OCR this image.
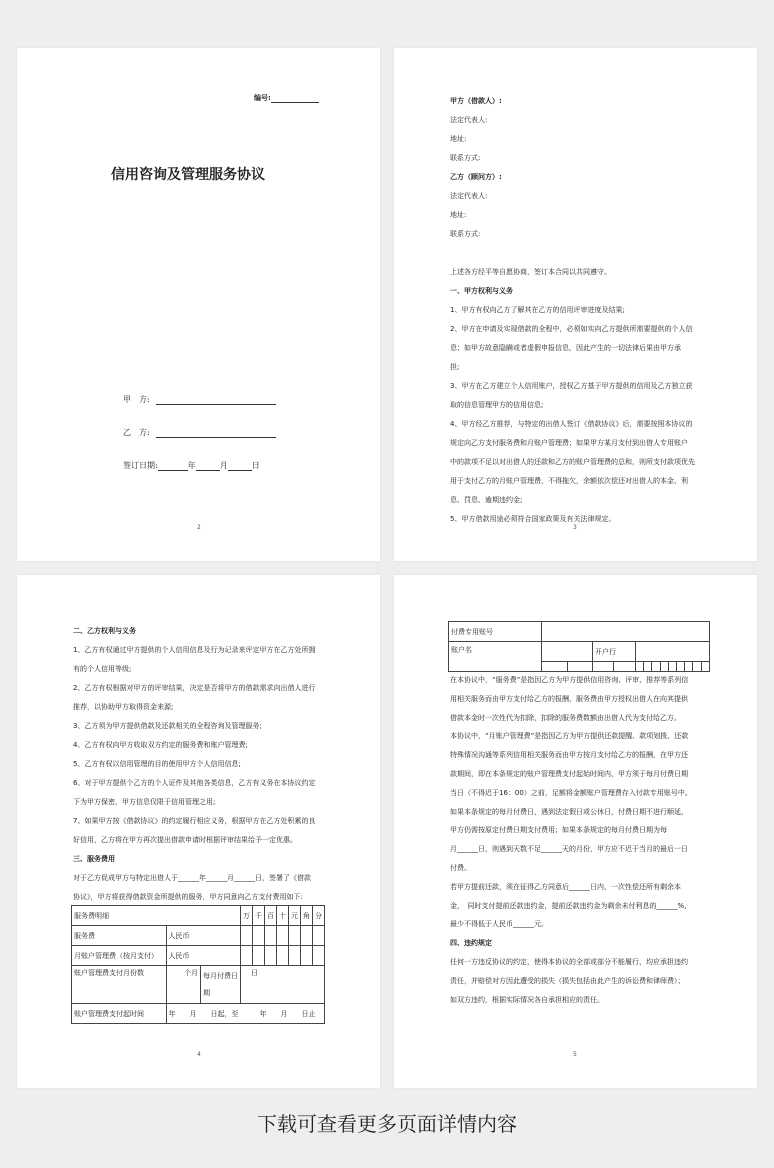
编号:
信用咨询及管理服务协议
甲　方:
乙　方:
签订日期:	年	月	日
2
甲方（借款人）:
法定代表人:
地址:
联系方式:
乙方（顾问方）:
法定代表人:
地址:
联系方式:

上述各方经平等自愿协商，签订本合同以共同遵守。
一、甲方权利与义务
1、甲方有权向乙方了解其在乙方的信用评审进度及结果;
2、甲方在申请及实现借款的全程中，必须如实向乙方提供所需要提供的个人信
息；如甲方故意隐瞒或者虚假申报信息，因此产生的一切法律后果由甲方承
担;
3、甲方在乙方建立个人信用账户，授权乙方基于甲方提供的信用及乙方独立获
取的信息管理甲方的信用信息;
4、甲方经乙方推荐，与特定的出借人签订《借款协议》后，需要按照本协议的
规定向乙方支付服务费和月账户管理费；如果甲方某月支付到出借人专用账户
中的款项不足以对出借人的还款和乙方的账户管理费的总和，则所支付款项优先
用于支付乙方的月账户管理费，不得拖欠，余额依次偿还对出借人的本金、利
息、罚息、逾期违约金;
5、甲方借款用途必须符合国家政策及有关法律规定。
3
二、乙方权利与义务
1、乙方有权通过甲方提供的个人信用信息及行为记录来评定甲方在乙方处所拥
有的个人信用等级;
2、乙方有权根据对甲方的评审结果，决定是否将甲方的借款需求向出借人进行
推荐，以协助甲方取得资金来源;
3、乙方须为甲方提供借款及还款相关的全程咨询及管理服务;
4、乙方有权向甲方收取双方约定的服务费和账户管理费;
5、乙方有权以信用管理的目的使用甲方个人信用信息;
6、对于甲方提供个乙方的个人证件及其他各类信息，乙方有义务在本协议约定
下为甲方保密，甲方信息仅限于信用管理之用;
7、如果甲方按《借款协议》的约定履行相应义务，根据甲方在乙方处积累的良
好信用，乙方将在甲方再次提出借款申请时根据评审结果给予一定优惠。
三、服务费用
对于乙方促成甲方与特定出借人于______年______月______日，签署了《借款
协议》，甲方将获得借款资金所提供的服务，甲方同意向乙方支付费用如下:
服务费明细			万	千	百	十	元	角	分
服务费	人民币								
月账户管理费（按月支付）	人民币								
账户管理费支付月份数	个月	每月付费日
期	日						
账户管理费支付起时间	年　　月　　日起，至　　　年　　月　　日止								
4
付费专用账号													
账户名			开户行										

在本协议中，“服务费”是指因乙方为甲方提供信用咨询、评审、推荐等系列信
用相关服务而由甲方支付给乙方的报酬，服务费由甲方授权出借人在向其提供
借款本金时一次性代为扣除，扣除的服务费数额由出借人代为支付给乙方。
本协议中，“月账户管理费”是指因乙方为甲方提供还款提醒、款项划拨、还款
特殊情况沟通等系列信用相关服务而由甲方按月支付给乙方的报酬，在甲方还
款期间，即在本条规定的账户管理费支付起始时间内，甲方须于每月付费日期
当日（不得迟于16：00）之前，足额将金额账户管理费存入付款专用账号中。
如果本条规定的每月付费日，遇到法定假日或公休日，付费日期不进行顺延，
甲方仍需按原定付费日期支付费用；如果本条规定的每月付费日期为每
月______日，则遇到天数不足______天的月份，甲方应不迟于当月的最后一日
付费。
若甲方提前还款，须在征得乙方同意后______日内，一次性偿还所有剩余本
金，　同时支付提前还款违约金，提前还款违约金为剩余未付利息的______%,
最少不得低于人民币______元。
四、违约规定
任何一方违反协议的约定，使得本协议的全部或部分不能履行，均应承担违约
责任，并赔偿对方因此遭受的损失（损失包括由此产生的诉讼费和律师费）；
如双方违约，根据实际情况各自承担相应的责任。
5
下载可查看更多页面详情内容
